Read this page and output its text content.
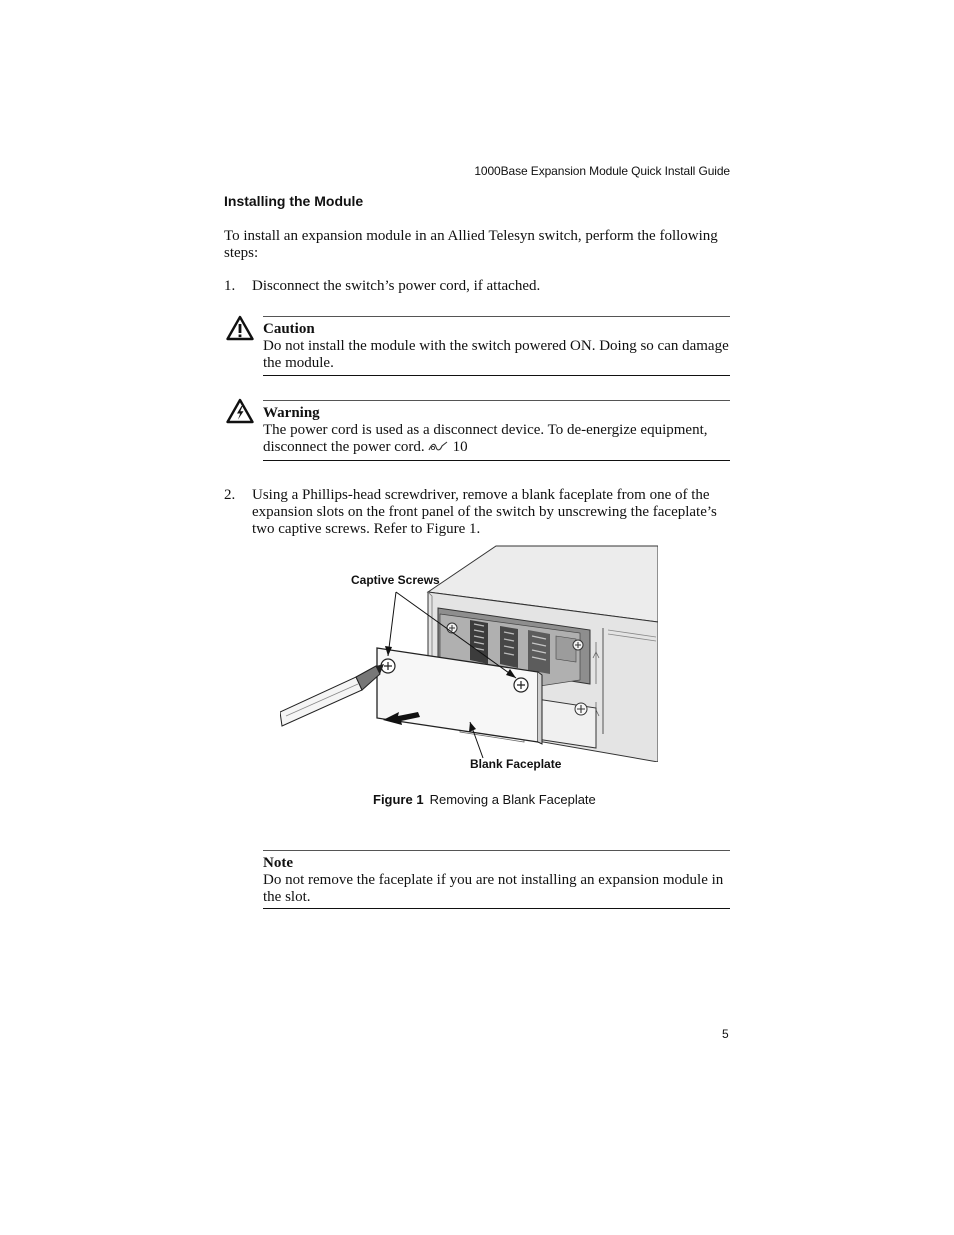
1000Base Expansion Module Quick Install Guide
Installing the Module
To install an expansion module in an Allied Telesyn switch, perform the following steps:
1. Disconnect the switch’s power cord, if attached.
Caution
Do not install the module with the switch powered ON. Doing so can damage the module.
Warning
The power cord is used as a disconnect device. To de-energize equipment, disconnect the power cord. 10
2. Using a Phillips-head screwdriver, remove a blank faceplate from one of the expansion slots on the front panel of the switch by unscrewing the faceplate’s two captive screws. Refer to Figure 1.
Captive Screws
Blank Faceplate
Figure 1 Removing a Blank Faceplate
Note
Do not remove the faceplate if you are not installing an expansion module in the slot.
5
